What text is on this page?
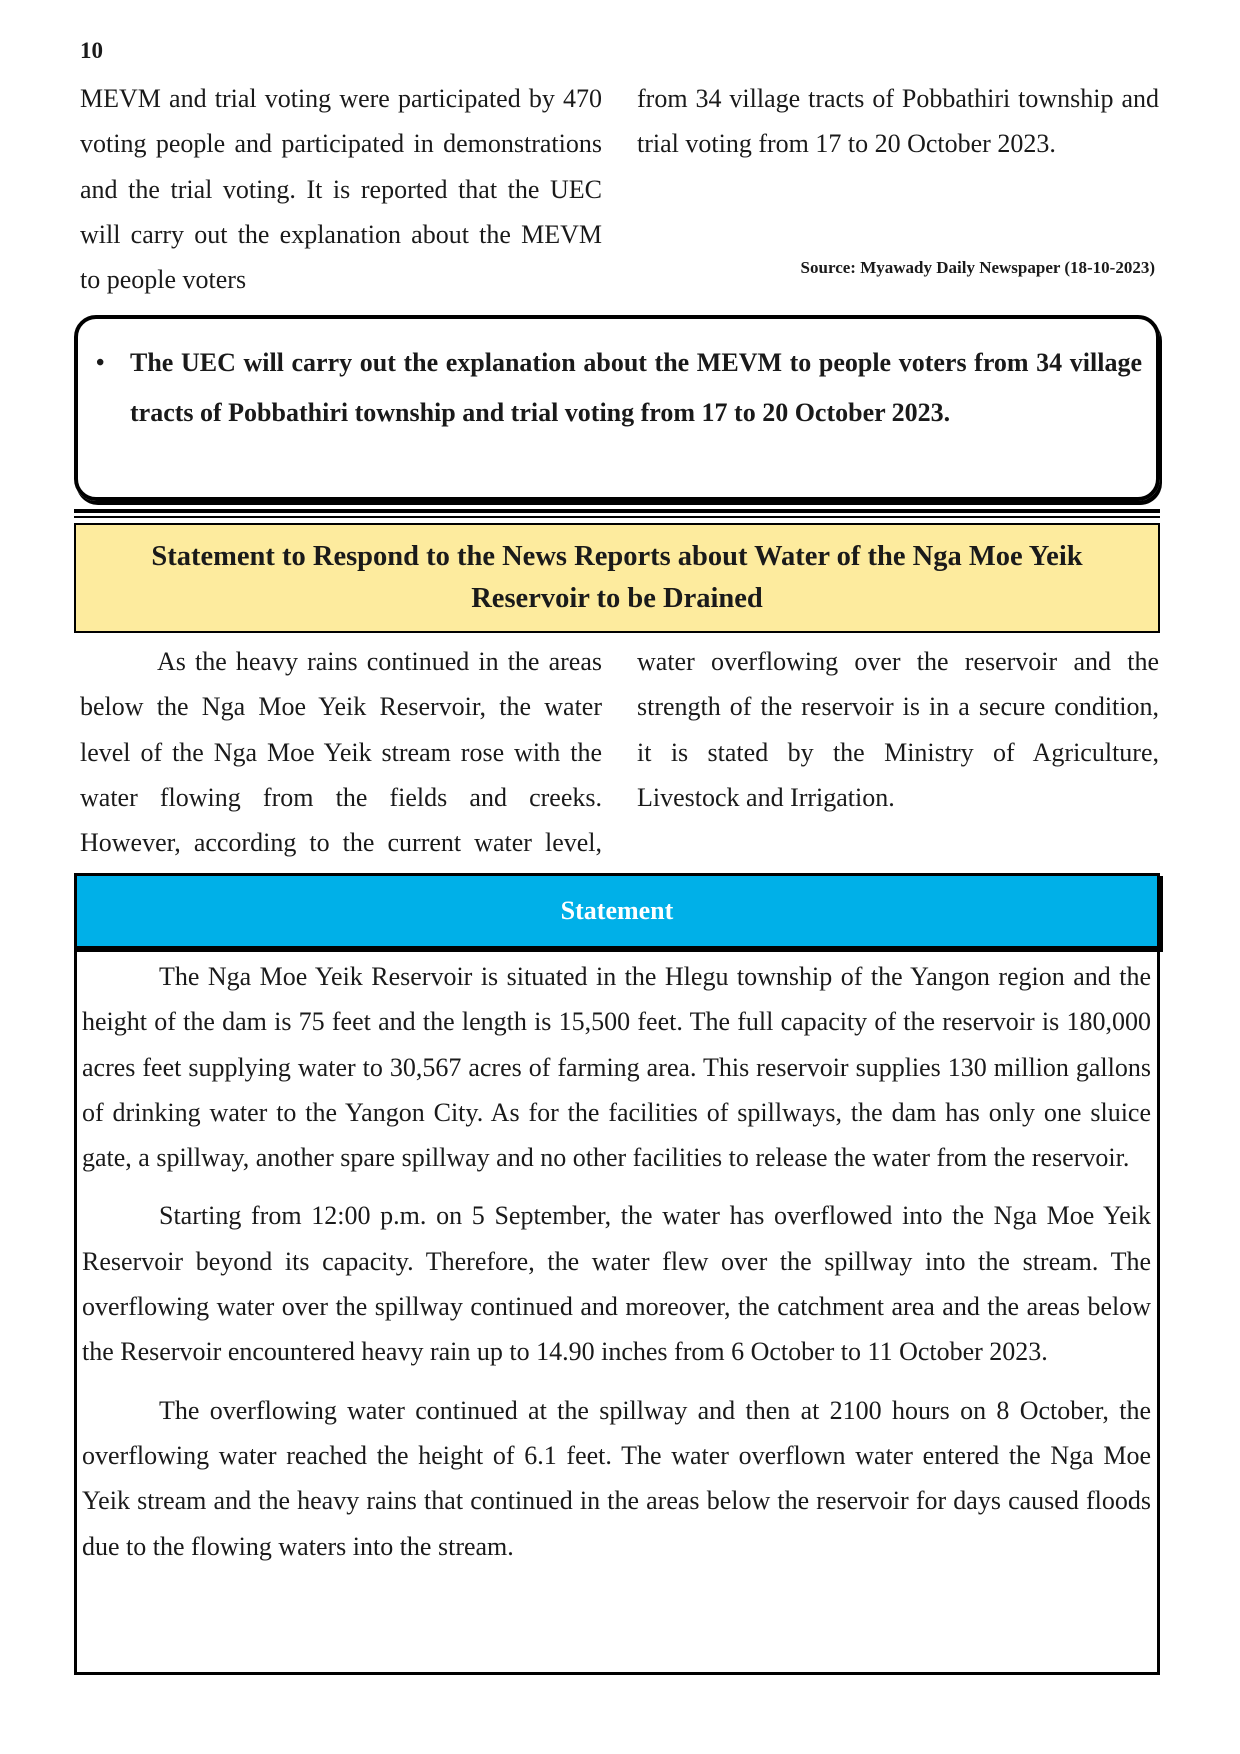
10

MEVM and trial voting were participated by 470 voting people and participated in demonstrations and the trial voting. It is reported that the UEC will carry out the explanation about the MEVM to people voters

from 34 village tracts of Pobbathiri township and trial voting from 17 to 20 October 2023.

Source: Myawady Daily Newspaper (18-10-2023)
• The UEC will carry out the explanation about the MEVM to people voters from 34 village tracts of Pobbathiri township and trial voting from 17 to 20 October 2023.
Statement to Respond to the News Reports about Water of the Nga Moe Yeik Reservoir to be Drained

As the heavy rains continued in the areas below the Nga Moe Yeik Reservoir, the water level of the Nga Moe Yeik stream rose with the water flowing from the fields and creeks. However, according to the current water level,

water overflowing over the reservoir and the strength of the reservoir is in a secure condition, it is stated by the Ministry of Agriculture, Livestock and Irrigation.

Statement

The Nga Moe Yeik Reservoir is situated in the Hlegu township of the Yangon region and the height of the dam is 75 feet and the length is 15,500 feet. The full capacity of the reservoir is 180,000 acres feet supplying water to 30,567 acres of farming area. This reservoir supplies 130 million gallons of drinking water to the Yangon City. As for the facilities of spillways, the dam has only one sluice gate, a spillway, another spare spillway and no other facilities to release the water from the reservoir.

Starting from 12:00 p.m. on 5 September, the water has overflowed into the Nga Moe Yeik Reservoir beyond its capacity. Therefore, the water flew over the spillway into the stream. The overflowing water over the spillway continued and moreover, the catchment area and the areas below the Reservoir encountered heavy rain up to 14.90 inches from 6 October to 11 October 2023.

The overflowing water continued at the spillway and then at 2100 hours on 8 October, the overflowing water reached the height of 6.1 feet. The water overflown water entered the Nga Moe Yeik stream and the heavy rains that continued in the areas below the reservoir for days caused floods due to the flowing waters into the stream.
